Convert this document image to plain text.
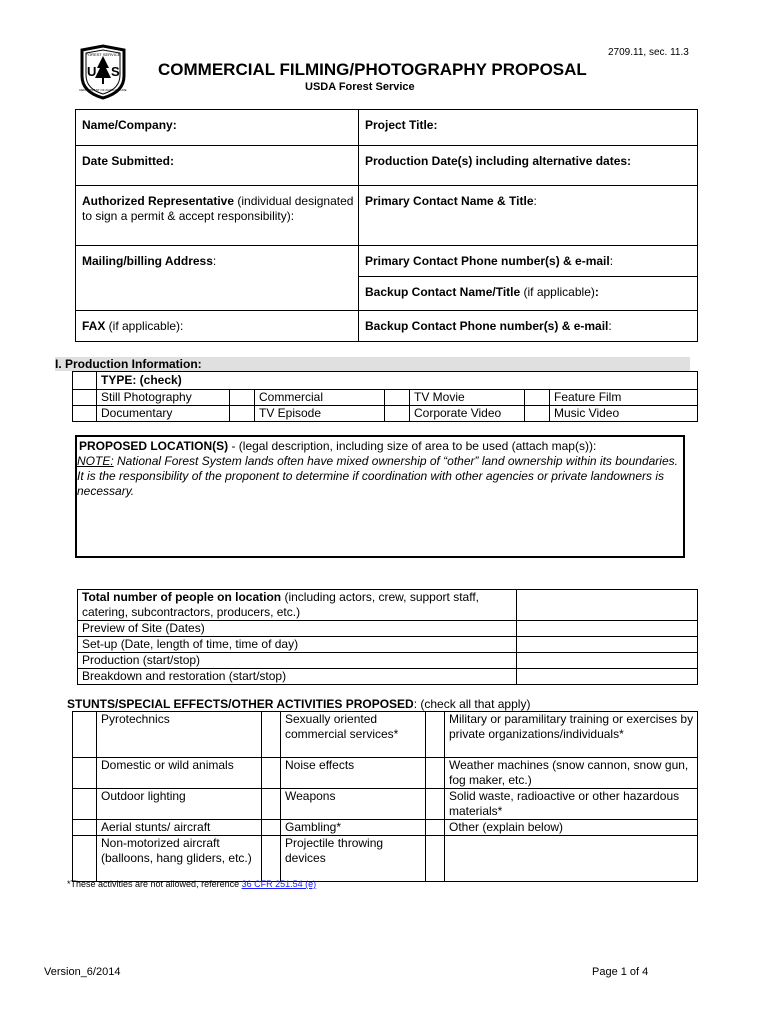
U S
FOREST SERVICE
DEPARTMENT OF AGRICULTURE
2709.11, sec. 11.3
COMMERCIAL FILMING/PHOTOGRAPHY PROPOSAL
USDA Forest Service
Name/Company:	Project Title:
Date Submitted:	Production Date(s) including alternative dates:
Authorized Representative (individual designated to sign a permit & accept responsibility):	Primary Contact Name & Title:
Mailing/billing Address:	Primary Contact Phone number(s) & e-mail:
	Backup Contact Name/Title (if applicable):
FAX (if applicable):	Backup Contact Phone number(s) & e-mail:
I. Production Information:
	TYPE: (check)						
	Still Photography		Commercial		TV Movie		Feature Film
	Documentary		TV Episode		Corporate Video		Music Video
PROPOSED LOCATION(S) - (legal description, including size of area to be used (attach map(s)):
NOTE: National Forest System lands often have mixed ownership of “other” land ownership within its boundaries. It is the responsibility of the proponent to determine if coordination with other agencies or private landowners is necessary.
Total number of people on location (including actors, crew, support staff, catering, subcontractors, producers, etc.)	
Preview of Site (Dates)	
Set-up (Date, length of time, time of day)	
Production (start/stop)	
Breakdown and restoration (start/stop)	
STUNTS/SPECIAL EFFECTS/OTHER ACTIVITIES PROPOSED: (check all that apply)
	Pyrotechnics		Sexually oriented commercial services*		Military or paramilitary training or exercises by private organizations/individuals*
	Domestic or wild animals		Noise effects		Weather machines (snow cannon, snow gun, fog maker, etc.)
	Outdoor lighting		Weapons		Solid waste, radioactive or other hazardous materials*
	Aerial stunts/ aircraft		Gambling*		Other (explain below)
	Non-motorized aircraft (balloons, hang gliders, etc.)		Projectile throwing devices		
*These activities are not allowed, reference 36 CFR 251.54 (e)
Version_6/2014	Page 1 of 4
